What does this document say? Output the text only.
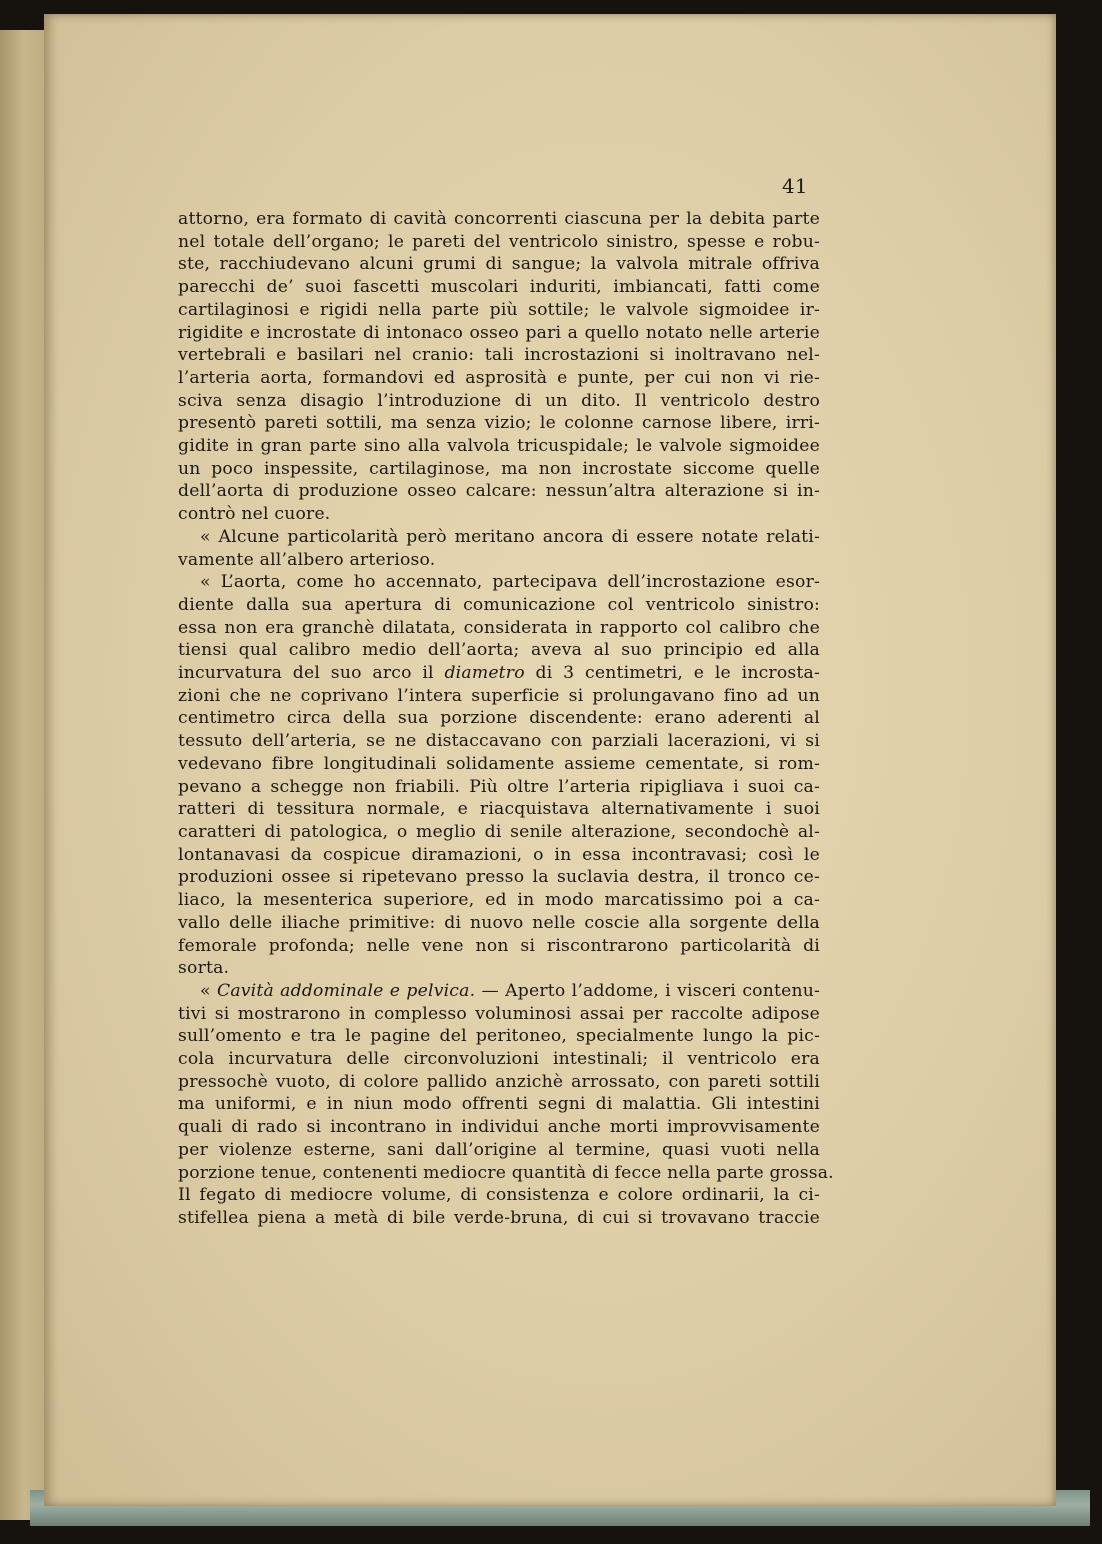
41
attorno, era formato di cavità concorrenti ciascuna per la debita parte
nel totale dell’organo; le pareti del ventricolo sinistro, spesse e robu-
ste, racchiudevano alcuni grumi di sangue; la valvola mitrale offriva
parecchi de’ suoi fascetti muscolari induriti, imbiancati, fatti come
cartilaginosi e rigidi nella parte più sottile; le valvole sigmoidee ir-
rigidite e incrostate di intonaco osseo pari a quello notato nelle arterie
vertebrali e basilari nel cranio: tali incrostazioni si inoltravano nel-
l’arteria aorta, formandovi ed asprosità e punte, per cui non vi rie-
sciva senza disagio l’introduzione di un dito. Il ventricolo destro
presentò pareti sottili, ma senza vizio; le colonne carnose libere, irri-
gidite in gran parte sino alla valvola tricuspidale; le valvole sigmoidee
un poco inspessite, cartilaginose, ma non incrostate siccome quelle
dell’aorta di produzione osseo calcare: nessun’altra alterazione si in-
contrò nel cuore.
« Alcune particolarità però meritano ancora di essere notate relati-
vamente all’albero arterioso.
« L’aorta, come ho accennato, partecipava dell’incrostazione esor-
diente dalla sua apertura di comunicazione col ventricolo sinistro:
essa non era granchè dilatata, considerata in rapporto col calibro che
tiensi qual calibro medio dell’aorta; aveva al suo principio ed alla
incurvatura del suo arco il diametro di 3 centimetri, e le incrosta-
zioni che ne coprivano l’intera superficie si prolungavano fino ad un
centimetro circa della sua porzione discendente: erano aderenti al
tessuto dell’arteria, se ne distaccavano con parziali lacerazioni, vi si
vedevano fibre longitudinali solidamente assieme cementate, si rom-
pevano a schegge non friabili. Più oltre l’arteria ripigliava i suoi ca-
ratteri di tessitura normale, e riacquistava alternativamente i suoi
caratteri di patologica, o meglio di senile alterazione, secondochè al-
lontanavasi da cospicue diramazioni, o in essa incontravasi; così le
produzioni ossee si ripetevano presso la suclavia destra, il tronco ce-
liaco, la mesenterica superiore, ed in modo marcatissimo poi a ca-
vallo delle iliache primitive: di nuovo nelle coscie alla sorgente della
femorale profonda; nelle vene non si riscontrarono particolarità di
sorta.
« Cavità addominale e pelvica. — Aperto l’addome, i visceri contenu-
tivi si mostrarono in complesso voluminosi assai per raccolte adipose
sull’omento e tra le pagine del peritoneo, specialmente lungo la pic-
cola incurvatura delle circonvoluzioni intestinali; il ventricolo era
pressochè vuoto, di colore pallido anzichè arrossato, con pareti sottili
ma uniformi, e in niun modo offrenti segni di malattia. Gli intestini
quali di rado si incontrano in individui anche morti improvvisamente
per violenze esterne, sani dall’origine al termine, quasi vuoti nella
porzione tenue, contenenti mediocre quantità di fecce nella parte grossa.
Il fegato di mediocre volume, di consistenza e colore ordinarii, la ci-
stifellea piena a metà di bile verde-bruna, di cui si trovavano traccie
